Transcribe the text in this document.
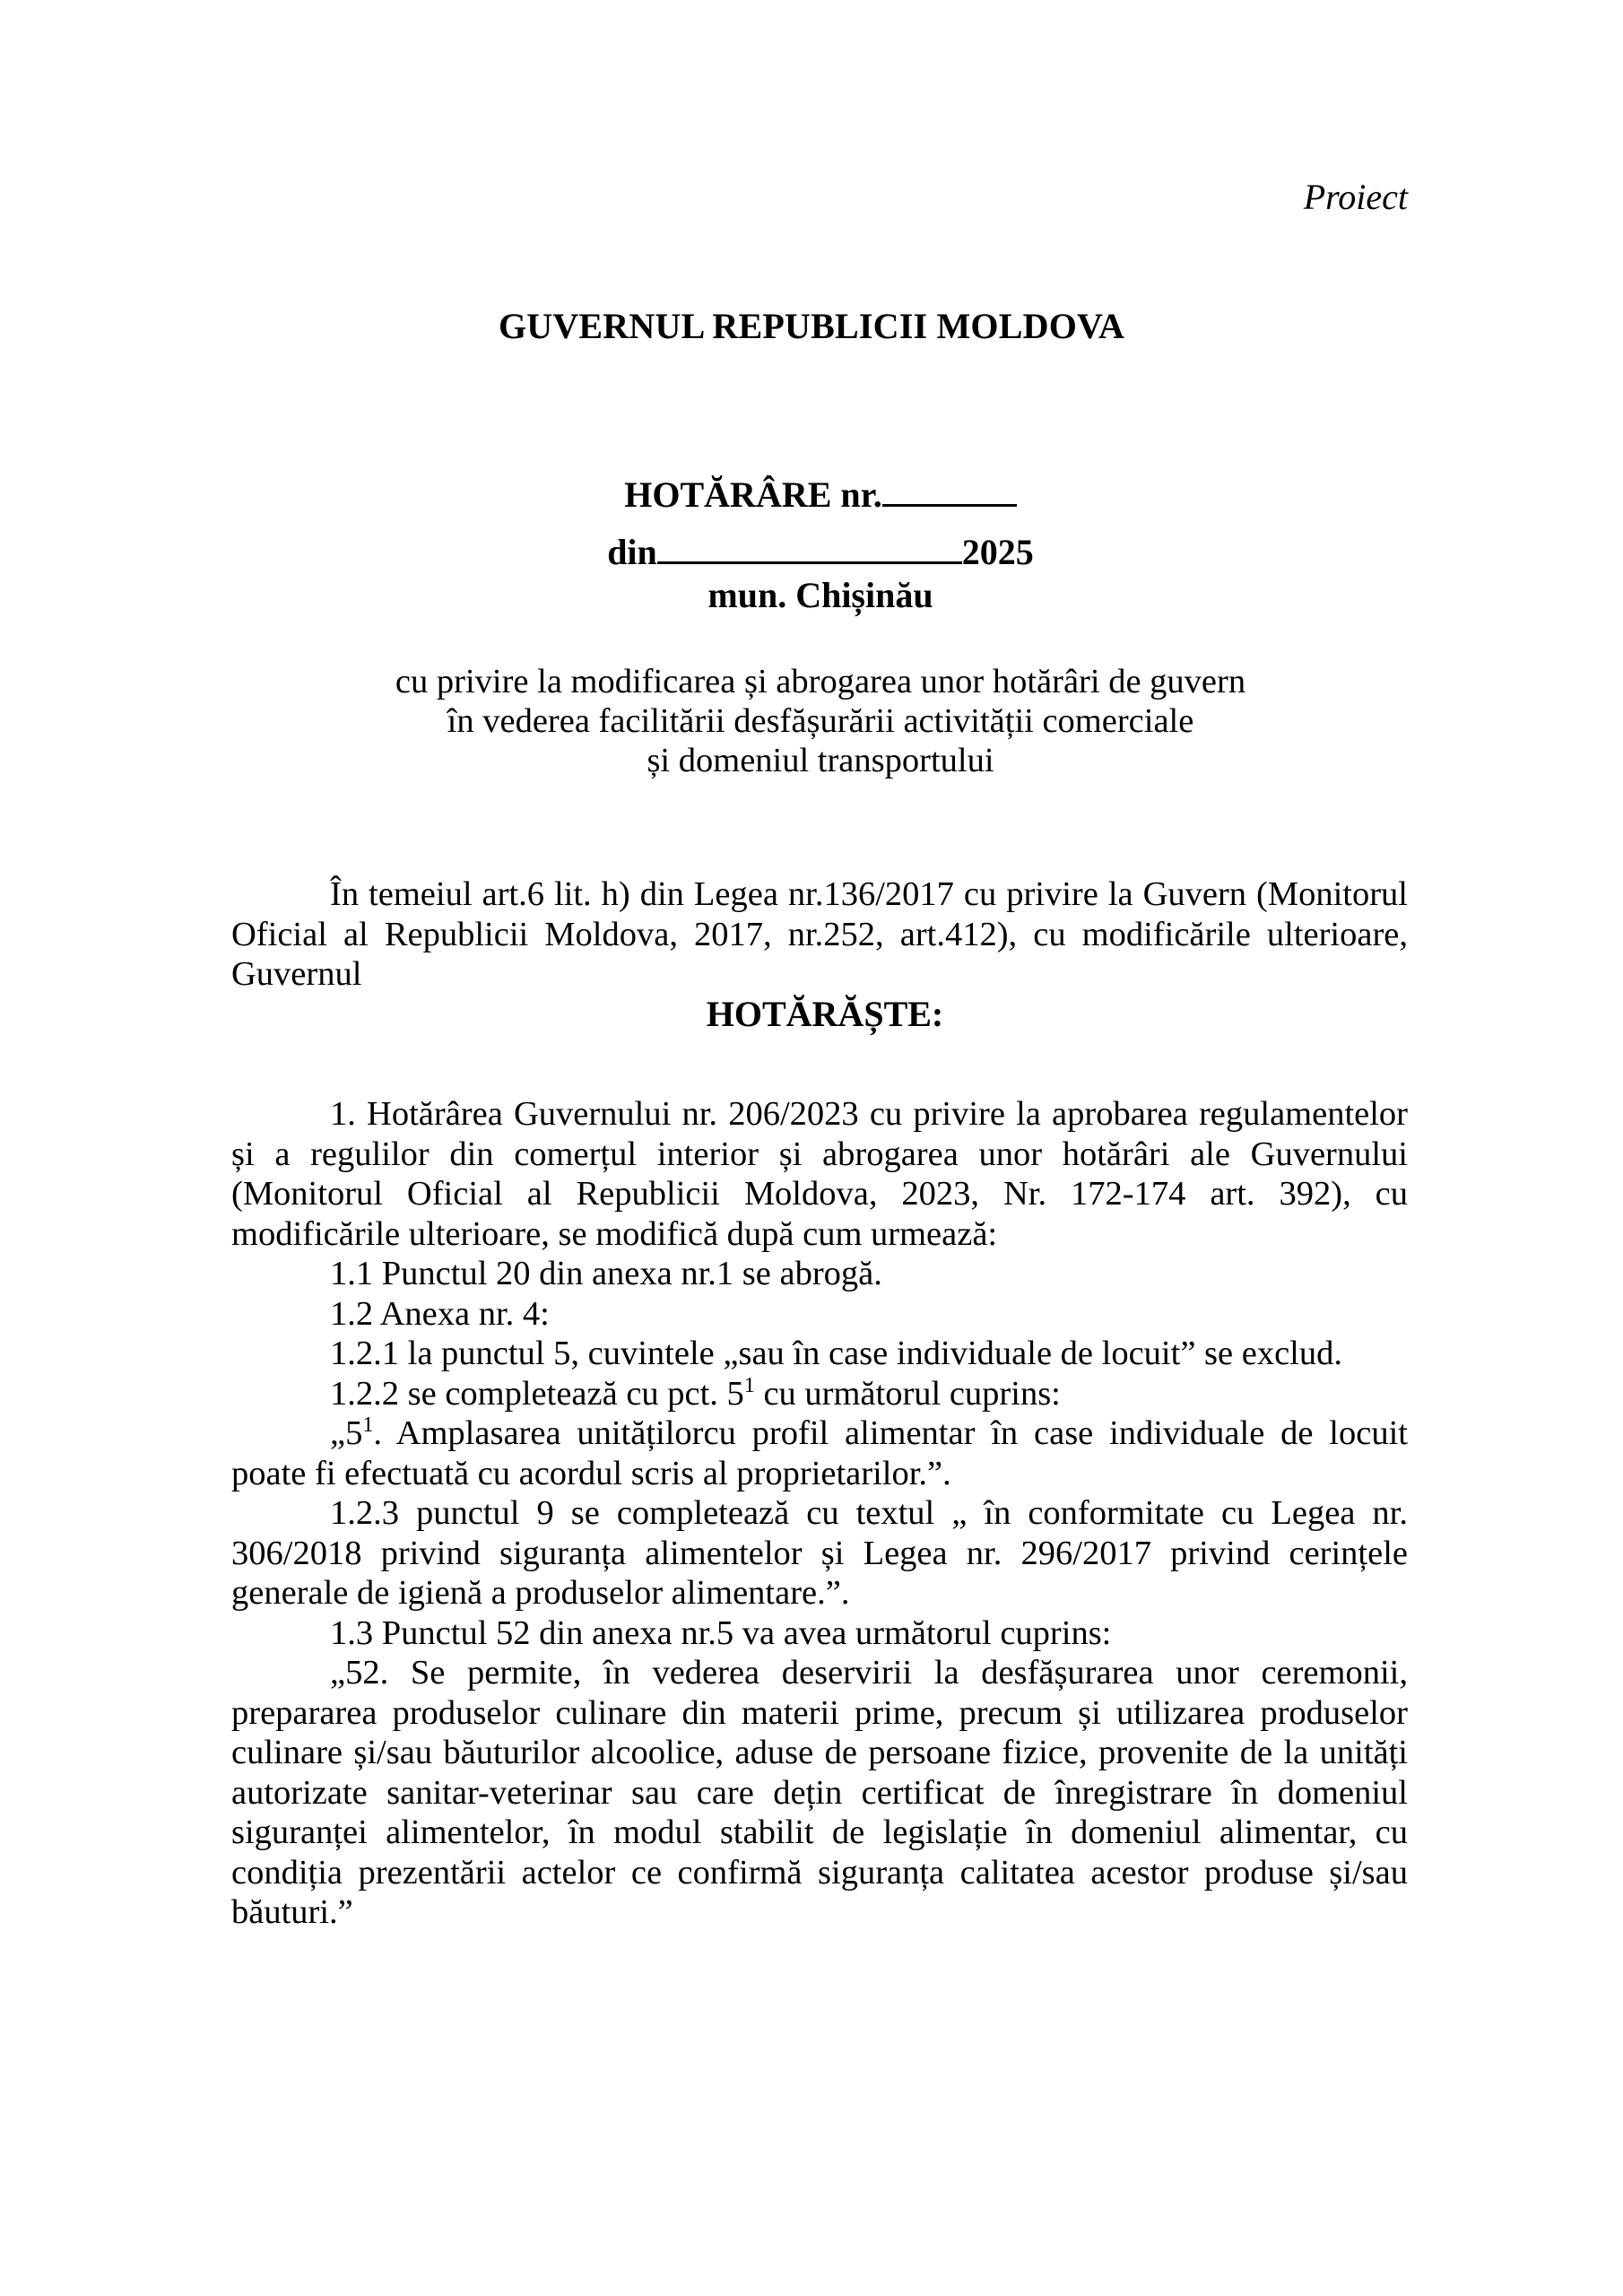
Proiect
GUVERNUL REPUBLICII MOLDOVA
HOTĂRÂRE nr.
din	2025
mun. Chișinău
cu privire la modificarea și abrogarea unor hotărâri de guvern
în vederea facilitării desfășurării activității comerciale
și domeniul transportului

În temeiul art.6 lit. h) din Legea nr.136/2017 cu privire la Guvern (Monitorul Oficial al Republicii Moldova, 2017, nr.252, art.412), cu modificările ulterioare, Guvernul

HOTĂRĂȘTE:

1. Hotărârea Guvernului nr. 206/2023 cu privire la aprobarea regulamentelor și a regulilor din comerțul interior și abrogarea unor hotărâri ale Guvernului (Monitorul Oficial al Republicii Moldova, 2023, Nr. 172-174 art. 392), cu modificările ulterioare, se modifică după cum urmează:

1.1 Punctul 20 din anexa nr.1 se abrogă.

1.2 Anexa nr. 4:

1.2.1 la punctul 5, cuvintele „sau în case individuale de locuit” se exclud.

1.2.2 se completează cu pct. $5^1$ cu următorul cuprins:

$„5^1$. Amplasarea unitățilorcu profil alimentar în case individuale de locuit poate fi efectuată cu acordul scris al proprietarilor.”.

1.2.3 punctul 9 se completează cu textul „ în conformitate cu Legea nr. 306/2018 privind siguranța alimentelor și Legea nr. 296/2017 privind cerințele generale de igienă a produselor alimentare.”.

1.3 Punctul 52 din anexa nr.5 va avea următorul cuprins:

„52. Se permite, în vederea deservirii la desfășurarea unor ceremonii, prepararea produselor culinare din materii prime, precum și utilizarea produselor culinare și/sau băuturilor alcoolice, aduse de persoane fizice, provenite de la unități autorizate sanitar-veterinar sau care dețin certificat de înregistrare în domeniul siguranței alimentelor, în modul stabilit de legislație în domeniul alimentar, cu condiția prezentării actelor ce confirmă siguranța calitatea acestor produse și/sau băuturi.”
